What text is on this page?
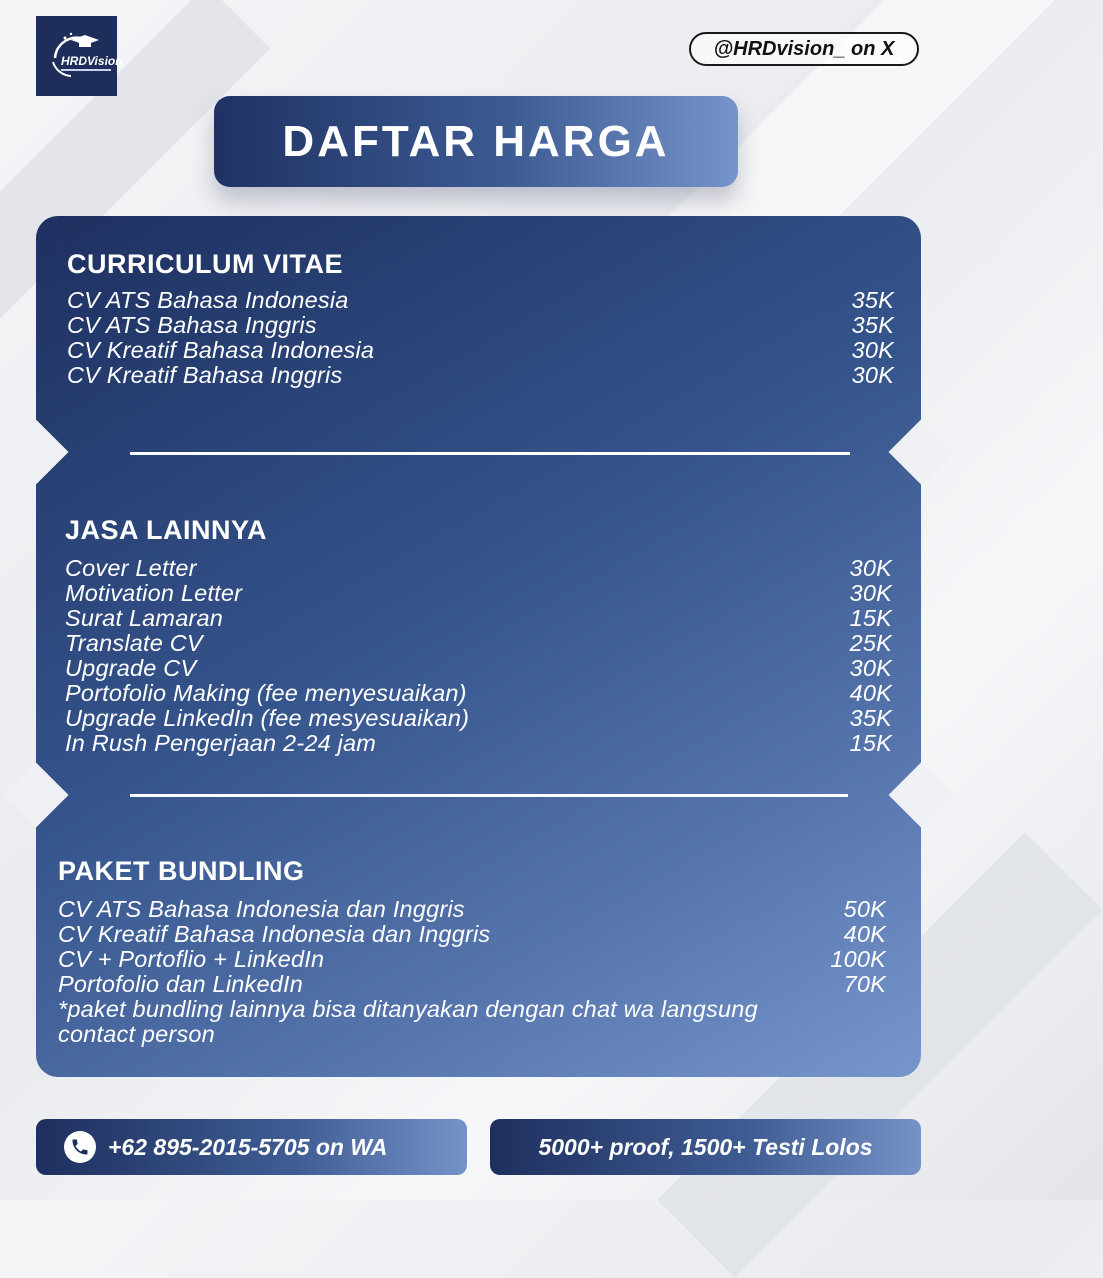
HRDVision
@HRDvision_ on X
DAFTAR HARGA
CURRICULUM VITAE
CV ATS Bahasa Indonesia	35K
CV ATS Bahasa Inggris	35K
CV Kreatif Bahasa Indonesia	30K
CV Kreatif Bahasa Inggris	30K
JASA LAINNYA
Cover Letter	30K
Motivation Letter	30K
Surat Lamaran	15K
Translate CV	25K
Upgrade CV	30K
Portofolio Making (fee menyesuaikan)	40K
Upgrade LinkedIn (fee mesyesuaikan)	35K
In Rush Pengerjaan 2-24 jam	15K
PAKET BUNDLING
CV ATS Bahasa Indonesia dan Inggris	50K
CV Kreatif Bahasa Indonesia dan Inggris	40K
CV + Portoflio + LinkedIn	100K
Portofolio dan LinkedIn	70K
*paket bundling lainnya bisa ditanyakan dengan chat wa langsung contact person
+62 895-2015-5705 on WA	5000+ proof, 1500+ Testi Lolos
